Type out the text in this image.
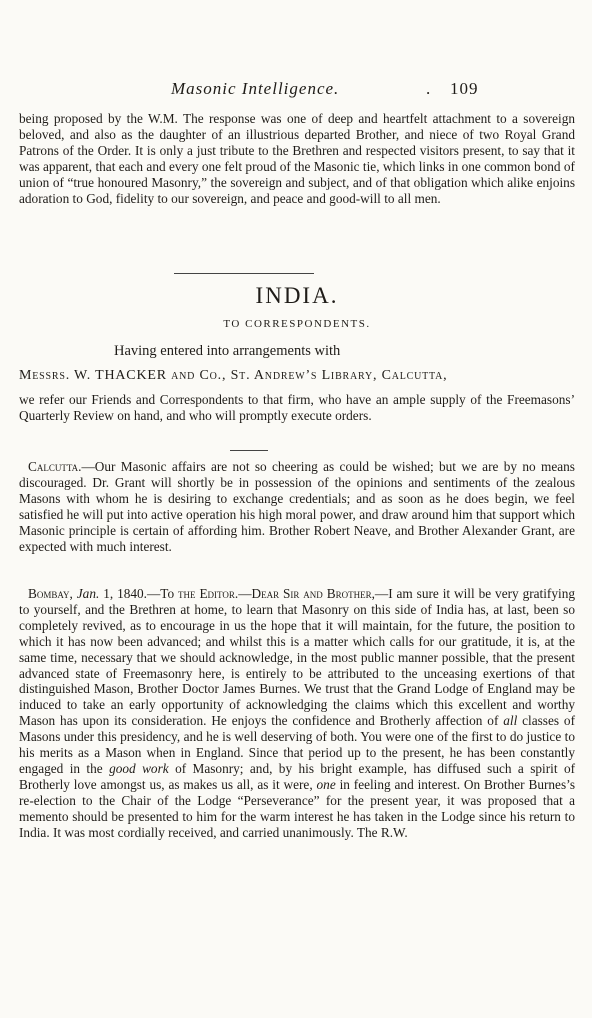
Masonic Intelligence.	. 109

being proposed by the W.M. The response was one of deep and heartfelt attachment to a sovereign beloved, and also as the daughter of an illustrious departed Brother, and niece of two Royal Grand Patrons of the Order. It is only a just tribute to the Brethren and respected visitors present, to say that it was apparent, that each and every one felt proud of the Masonic tie, which links in one common bond of union of “true honoured Masonry,” the sovereign and subject, and of that obligation which alike enjoins adoration to God, fidelity to our sovereign, and peace and good-will to all men.

INDIA.
TO CORRESPONDENTS.
Having entered into arrangements with
Messrs. W. THACKER and Co., St. Andrew’s Library, Calcutta,

we refer our Friends and Correspondents to that firm, who have an ample supply of the Freemasons’ Quarterly Review on hand, and who will promptly execute orders.

Calcutta.—Our Masonic affairs are not so cheering as could be wished; but we are by no means discouraged. Dr. Grant will shortly be in possession of the opinions and sentiments of the zealous Masons with whom he is desiring to exchange credentials; and as soon as he does begin, we feel satisfied he will put into active operation his high moral power, and draw around him that support which Masonic principle is certain of affording him. Brother Robert Neave, and Brother Alexander Grant, are expected with much interest.

Bombay, Jan. 1, 1840.—To the Editor.—Dear Sir and Brother,—I am sure it will be very gratifying to yourself, and the Brethren at home, to learn that Masonry on this side of India has, at last, been so completely revived, as to encourage in us the hope that it will maintain, for the future, the position to which it has now been advanced; and whilst this is a matter which calls for our gratitude, it is, at the same time, necessary that we should acknowledge, in the most public manner possible, that the present advanced state of Freemasonry here, is entirely to be attributed to the unceasing exertions of that distinguished Mason, Brother Doctor James Burnes. We trust that the Grand Lodge of England may be induced to take an early opportunity of acknowledging the claims which this excellent and worthy Mason has upon its consideration. He enjoys the confidence and Brotherly affection of all classes of Masons under this presidency, and he is well deserving of both. You were one of the first to do justice to his merits as a Mason when in England. Since that period up to the present, he has been constantly engaged in the good work of Masonry; and, by his bright example, has diffused such a spirit of Brotherly love amongst us, as makes us all, as it were, one in feeling and interest. On Brother Burnes’s re-election to the Chair of the Lodge “Perseverance” for the present year, it was proposed that a memento should be presented to him for the warm interest he has taken in the Lodge since his return to India. It was most cordially received, and carried unanimously. The R.W.
